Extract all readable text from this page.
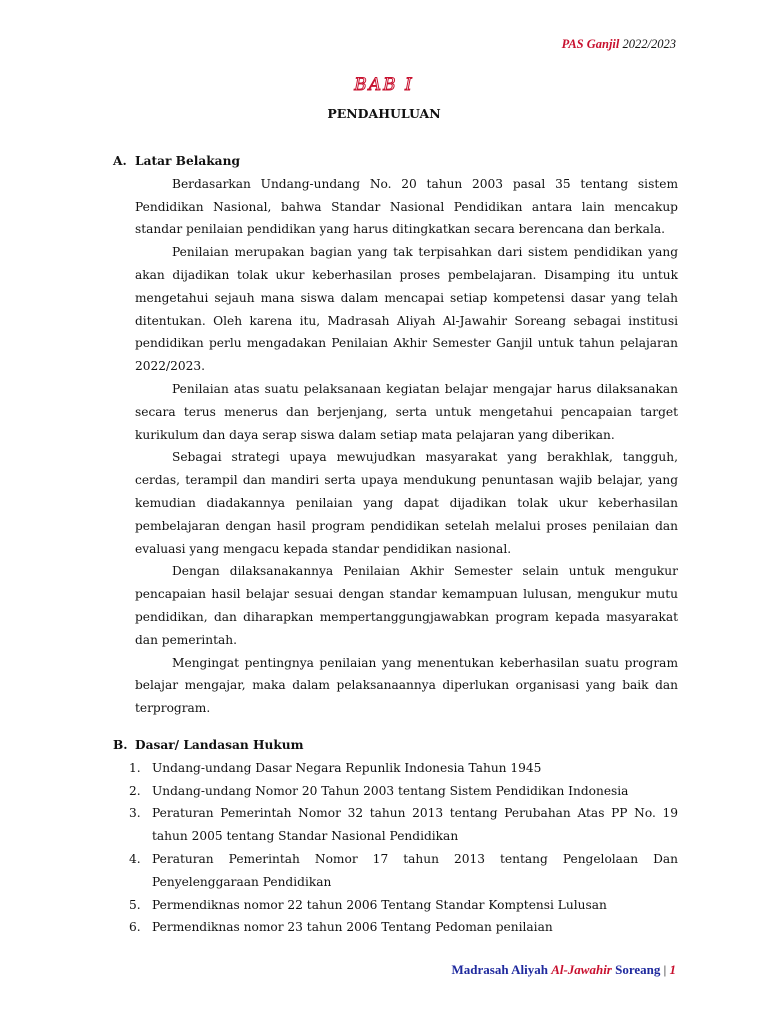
PAS Ganjil 2022/2023
BAB I
PENDAHULUAN

A. Latar Belakang

Berdasarkan Undang-undang No. 20 tahun 2003 pasal 35 tentang sistem Pendidikan Nasional, bahwa Standar Nasional Pendidikan antara lain mencakup standar penilaian pendidikan yang harus ditingkatkan secara berencana dan berkala.

Penilaian merupakan bagian yang tak terpisahkan dari sistem pendidikan yang akan dijadikan tolak ukur keberhasilan proses pembelajaran. Disamping itu untuk mengetahui sejauh mana siswa dalam mencapai setiap kompetensi dasar yang telah ditentukan. Oleh karena itu, Madrasah Aliyah Al-Jawahir Soreang sebagai institusi pendidikan perlu mengadakan Penilaian Akhir Semester Ganjil untuk tahun pelajaran 2022/2023.

Penilaian atas suatu pelaksanaan kegiatan belajar mengajar harus dilaksanakan secara terus menerus dan berjenjang, serta untuk mengetahui pencapaian target kurikulum dan daya serap siswa dalam setiap mata pelajaran yang diberikan.

Sebagai strategi upaya mewujudkan masyarakat yang berakhlak, tangguh, cerdas, terampil dan mandiri serta upaya mendukung penuntasan wajib belajar, yang kemudian diadakannya penilaian yang dapat dijadikan tolak ukur keberhasilan pembelajaran dengan hasil program pendidikan setelah melalui proses penilaian dan evaluasi yang mengacu kepada standar pendidikan nasional.

Dengan dilaksanakannya Penilaian Akhir Semester selain untuk mengukur pencapaian hasil belajar sesuai dengan standar kemampuan lulusan, mengukur mutu pendidikan, dan diharapkan mempertanggungjawabkan program kepada masyarakat dan pemerintah.

Mengingat pentingnya penilaian yang menentukan keberhasilan suatu program belajar mengajar, maka dalam pelaksanaannya diperlukan organisasi yang baik dan terprogram.

B. Dasar/ Landasan Hukum

1. Undang-undang Dasar Negara Repunlik Indonesia Tahun 1945
2. Undang-undang Nomor 20 Tahun 2003 tentang Sistem Pendidikan Indonesia
3. Peraturan Pemerintah Nomor 32 tahun 2013 tentang Perubahan Atas PP No. 19 tahun 2005 tentang Standar Nasional Pendidikan
4. Peraturan Pemerintah Nomor 17 tahun 2013 tentang Pengelolaan Dan Penyelenggaraan Pendidikan
5. Permendiknas nomor 22 tahun 2006 Tentang Standar Komptensi Lulusan
6. Permendiknas nomor 23 tahun 2006 Tentang Pedoman penilaian
Madrasah Aliyah Al-Jawahir Soreang | 1
